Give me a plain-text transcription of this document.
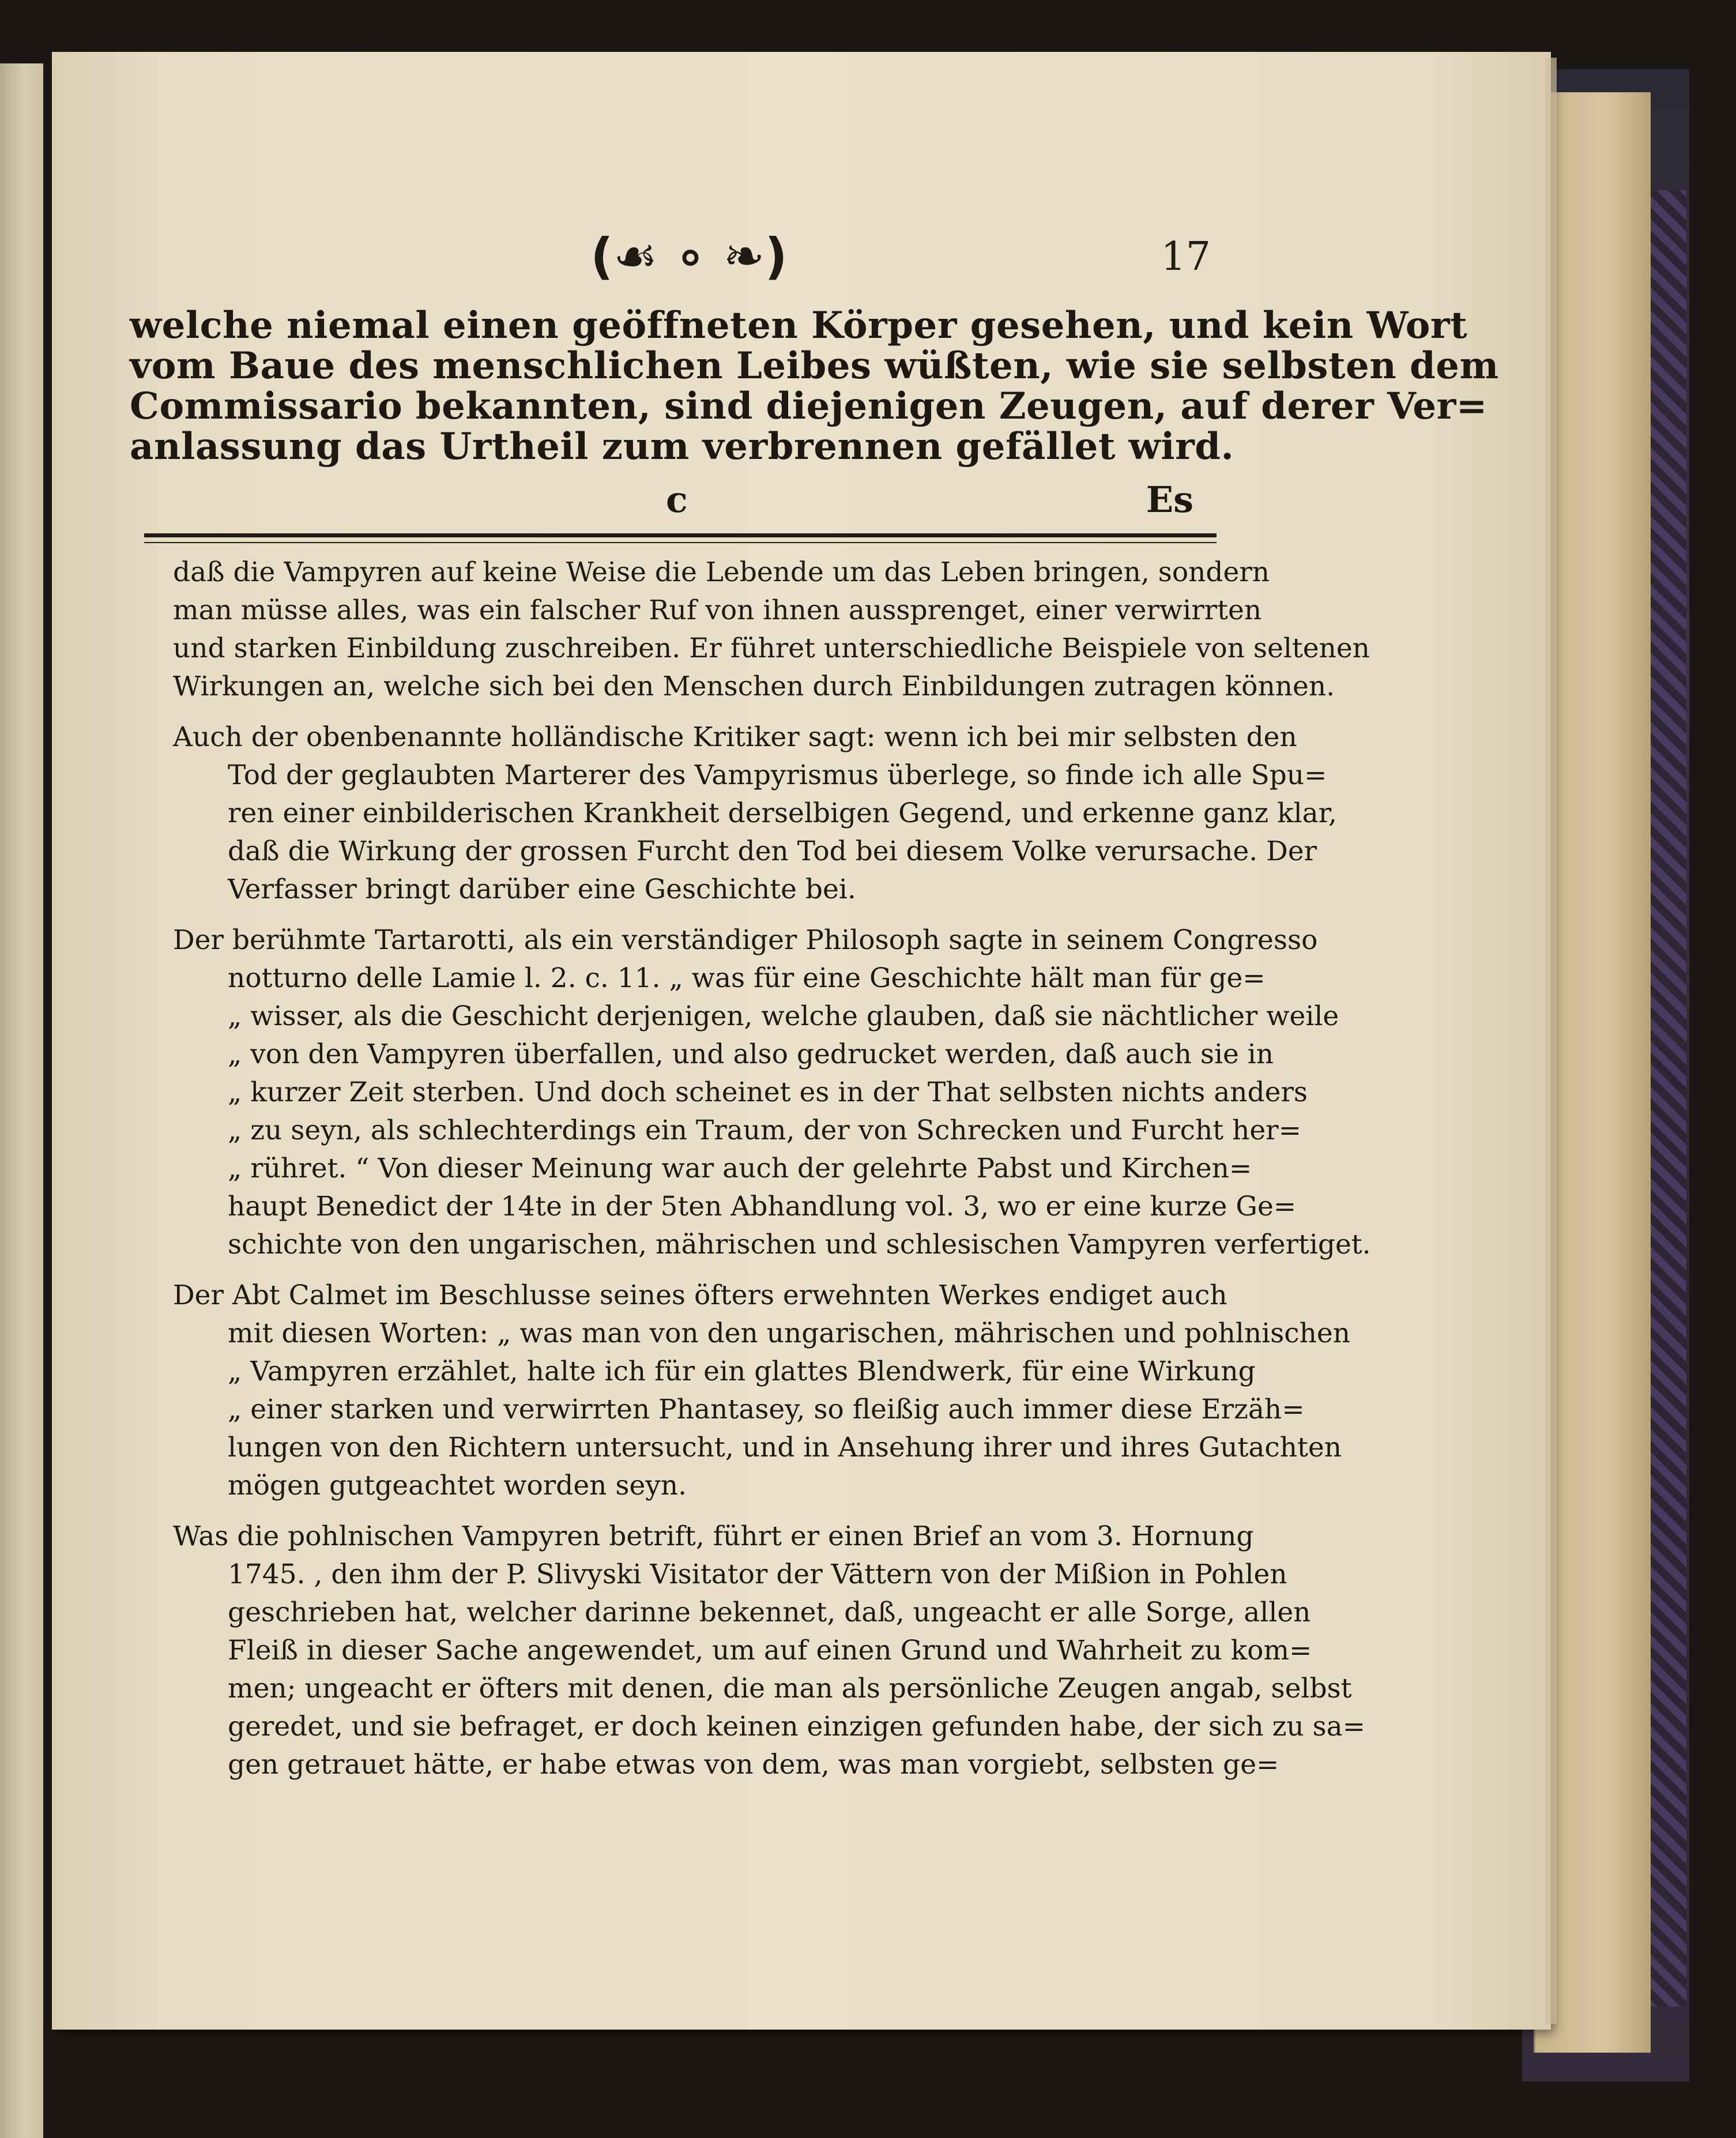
(☙ ∘ ❧)	17
welche niemal einen geöffneten Körper gesehen, und kein Wort
vom Baue des menschlichen Leibes wüßten, wie sie selbsten dem
Commissario bekannten, sind diejenigen Zeugen, auf derer Ver=
anlassung das Urtheil zum verbrennen gefället wird.
c	Es
daß die Vampyren auf keine Weise die Lebende um das Leben bringen, sondern
man müsse alles, was ein falscher Ruf von ihnen aussprenget, einer verwirrten
und starken Einbildung zuschreiben. Er führet unterschiedliche Beispiele von seltenen
Wirkungen an, welche sich bei den Menschen durch Einbildungen zutragen können.
Auch der obenbenannte holländische Kritiker sagt: wenn ich bei mir selbsten den
Tod der geglaubten Marterer des Vampyrismus überlege, so finde ich alle Spu=
ren einer einbilderischen Krankheit derselbigen Gegend, und erkenne ganz klar,
daß die Wirkung der grossen Furcht den Tod bei diesem Volke verursache. Der
Verfasser bringt darüber eine Geschichte bei.
Der berühmte Tartarotti, als ein verständiger Philosoph sagte in seinem Congresso
notturno delle Lamie l. 2. c. 11. „ was für eine Geschichte hält man für ge=
„ wisser, als die Geschicht derjenigen, welche glauben, daß sie nächtlicher weile
„ von den Vampyren überfallen, und also gedrucket werden, daß auch sie in
„ kurzer Zeit sterben. Und doch scheinet es in der That selbsten nichts anders
„ zu seyn, als schlechterdings ein Traum, der von Schrecken und Furcht her=
„ rühret. “ Von dieser Meinung war auch der gelehrte Pabst und Kirchen=
haupt Benedict der 14te in der 5ten Abhandlung vol. 3, wo er eine kurze Ge=
schichte von den ungarischen, mährischen und schlesischen Vampyren verfertiget.
Der Abt Calmet im Beschlusse seines öfters erwehnten Werkes endiget auch
mit diesen Worten: „ was man von den ungarischen, mährischen und pohlnischen
„ Vampyren erzählet, halte ich für ein glattes Blendwerk, für eine Wirkung
„ einer starken und verwirrten Phantasey, so fleißig auch immer diese Erzäh=
lungen von den Richtern untersucht, und in Ansehung ihrer und ihres Gutachten
mögen gutgeachtet worden seyn.
Was die pohlnischen Vampyren betrift, führt er einen Brief an vom 3. Hornung
1745. , den ihm der P. Slivyski Visitator der Vättern von der Mißion in Pohlen
geschrieben hat, welcher darinne bekennet, daß, ungeacht er alle Sorge, allen
Fleiß in dieser Sache angewendet, um auf einen Grund und Wahrheit zu kom=
men; ungeacht er öfters mit denen, die man als persönliche Zeugen angab, selbst
geredet, und sie befraget, er doch keinen einzigen gefunden habe, der sich zu sa=
gen getrauet hätte, er habe etwas von dem, was man vorgiebt, selbsten ge=
